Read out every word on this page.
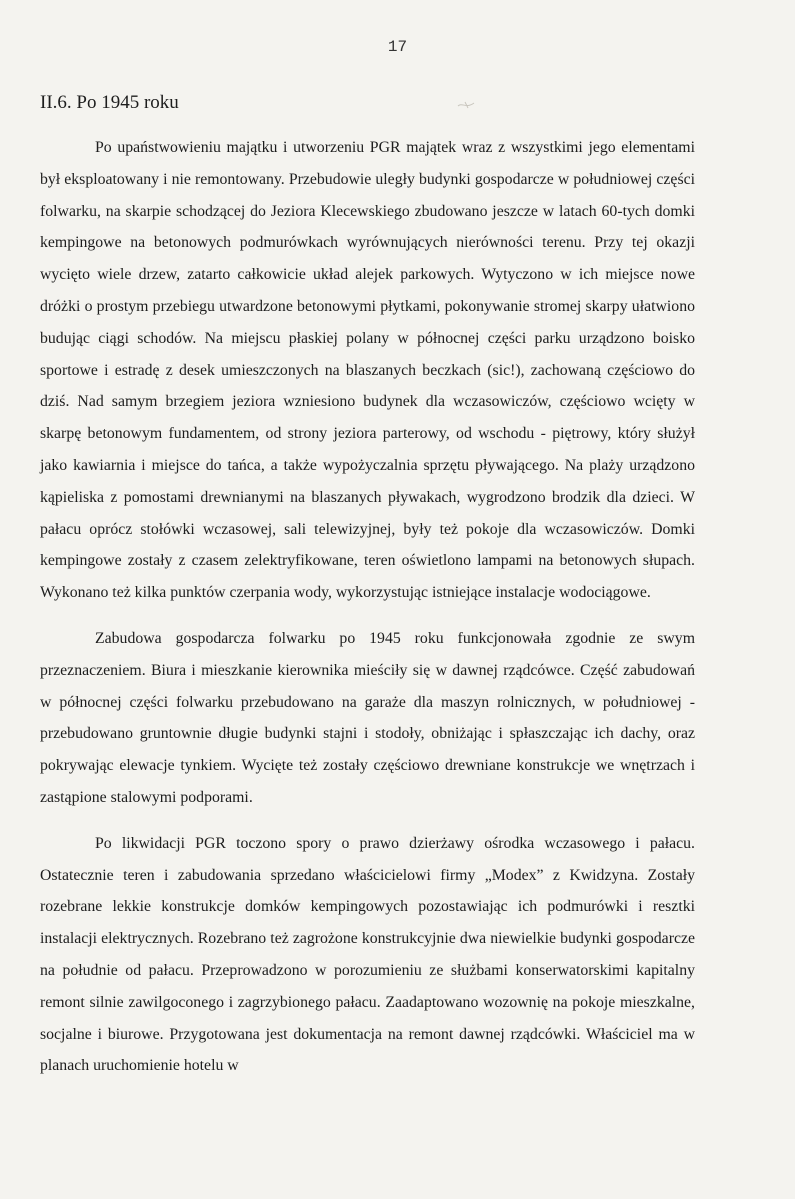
17
II.6. Po 1945 roku

Po upaństwowieniu majątku i utworzeniu PGR majątek wraz z wszystkimi jego elementami był eksploatowany i nie remontowany. Przebudowie uległy budynki gospodarcze w południowej części folwarku, na skarpie schodzącej do Jeziora Klecewskiego zbudowano jeszcze w latach 60-tych domki kempingowe na betonowych podmurówkach wyrównujących nierówności terenu. Przy tej okazji wycięto wiele drzew, zatarto całkowicie układ alejek parkowych. Wytyczono w ich miejsce nowe dróżki o prostym przebiegu utwardzone betonowymi płytkami, pokonywanie stromej skarpy ułatwiono budując ciągi schodów. Na miejscu płaskiej polany w północnej części parku urządzono boisko sportowe i estradę z desek umieszczonych na blaszanych beczkach (sic!), zachowaną częściowo do dziś. Nad samym brzegiem jeziora wzniesiono budynek dla wczasowiczów, częściowo wcięty w skarpę betonowym fundamentem, od strony jeziora parterowy, od wschodu - piętrowy, który służył jako kawiarnia i miejsce do tańca, a także wypożyczalnia sprzętu pływającego. Na plaży urządzono kąpieliska z pomostami drewnianymi na blaszanych pływakach, wygrodzono brodzik dla dzieci. W pałacu oprócz stołówki wczasowej, sali telewizyjnej, były też pokoje dla wczasowiczów. Domki kempingowe zostały z czasem zelektryfikowane, teren oświetlono lampami na betonowych słupach. Wykonano też kilka punktów czerpania wody, wykorzystując istniejące instalacje wodociągowe.

Zabudowa gospodarcza folwarku po 1945 roku funkcjonowała zgodnie ze swym przeznaczeniem. Biura i mieszkanie kierownika mieściły się w dawnej rządcówce. Część zabudowań w północnej części folwarku przebudowano na garaże dla maszyn rolnicznych, w południowej - przebudowano gruntownie długie budynki stajni i stodoły, obniżając i spłaszczając ich dachy, oraz pokrywając elewacje tynkiem. Wycięte też zostały częściowo drewniane konstrukcje we wnętrzach i zastąpione stalowymi podporami.

Po likwidacji PGR toczono spory o prawo dzierżawy ośrodka wczasowego i pałacu. Ostatecznie teren i zabudowania sprzedano właścicielowi firmy „Modex” z Kwidzyna. Zostały rozebrane lekkie konstrukcje domków kempingowych pozostawiając ich podmurówki i resztki instalacji elektrycznych. Rozebrano też zagrożone konstrukcyjnie dwa niewielkie budynki gospodarcze na południe od pałacu. Przeprowadzono w porozumieniu ze służbami konserwatorskimi kapitalny remont silnie zawilgoconego i zagrzybionego pałacu. Zaadaptowano wozownię na pokoje mieszkalne, socjalne i biurowe. Przygotowana jest dokumentacja na remont dawnej rządcówki. Właściciel ma w planach uruchomienie hotelu w
